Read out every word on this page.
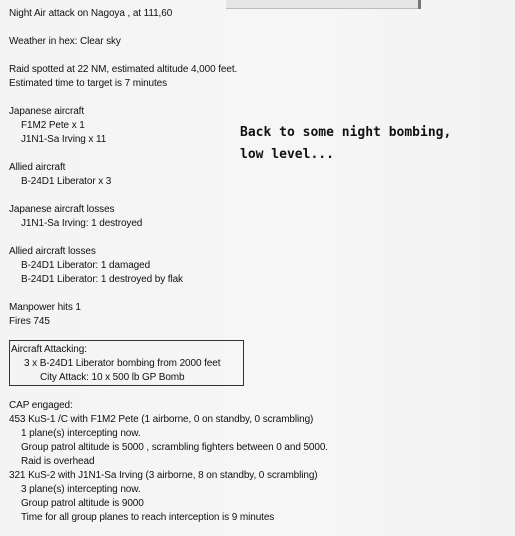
Night Air attack on Nagoya , at 111,60
Weather in hex: Clear sky
Raid spotted at 22 NM, estimated altitude 4,000 feet.
Estimated time to target is 7 minutes
Japanese aircraft
F1M2 Pete x 1
J1N1-Sa Irving x 11
Allied aircraft
B-24D1 Liberator x 3
Japanese aircraft losses
J1N1-Sa Irving: 1 destroyed
Allied aircraft losses
B-24D1 Liberator: 1 damaged
B-24D1 Liberator: 1 destroyed by flak
Manpower hits 1
Fires 745
Aircraft Attacking:
3 x B-24D1 Liberator bombing from 2000 feet
City Attack: 10 x 500 lb GP Bomb
CAP engaged:
453 KuS-1 /C with F1M2 Pete (1 airborne, 0 on standby, 0 scrambling)
1 plane(s) intercepting now.
Group patrol altitude is 5000 , scrambling fighters between 0 and 5000.
Raid is overhead
321 KuS-2 with J1N1-Sa Irving (3 airborne, 8 on standby, 0 scrambling)
3 plane(s) intercepting now.
Group patrol altitude is 9000
Time for all group planes to reach interception is 9 minutes
Back to some night bombing,
low level...
